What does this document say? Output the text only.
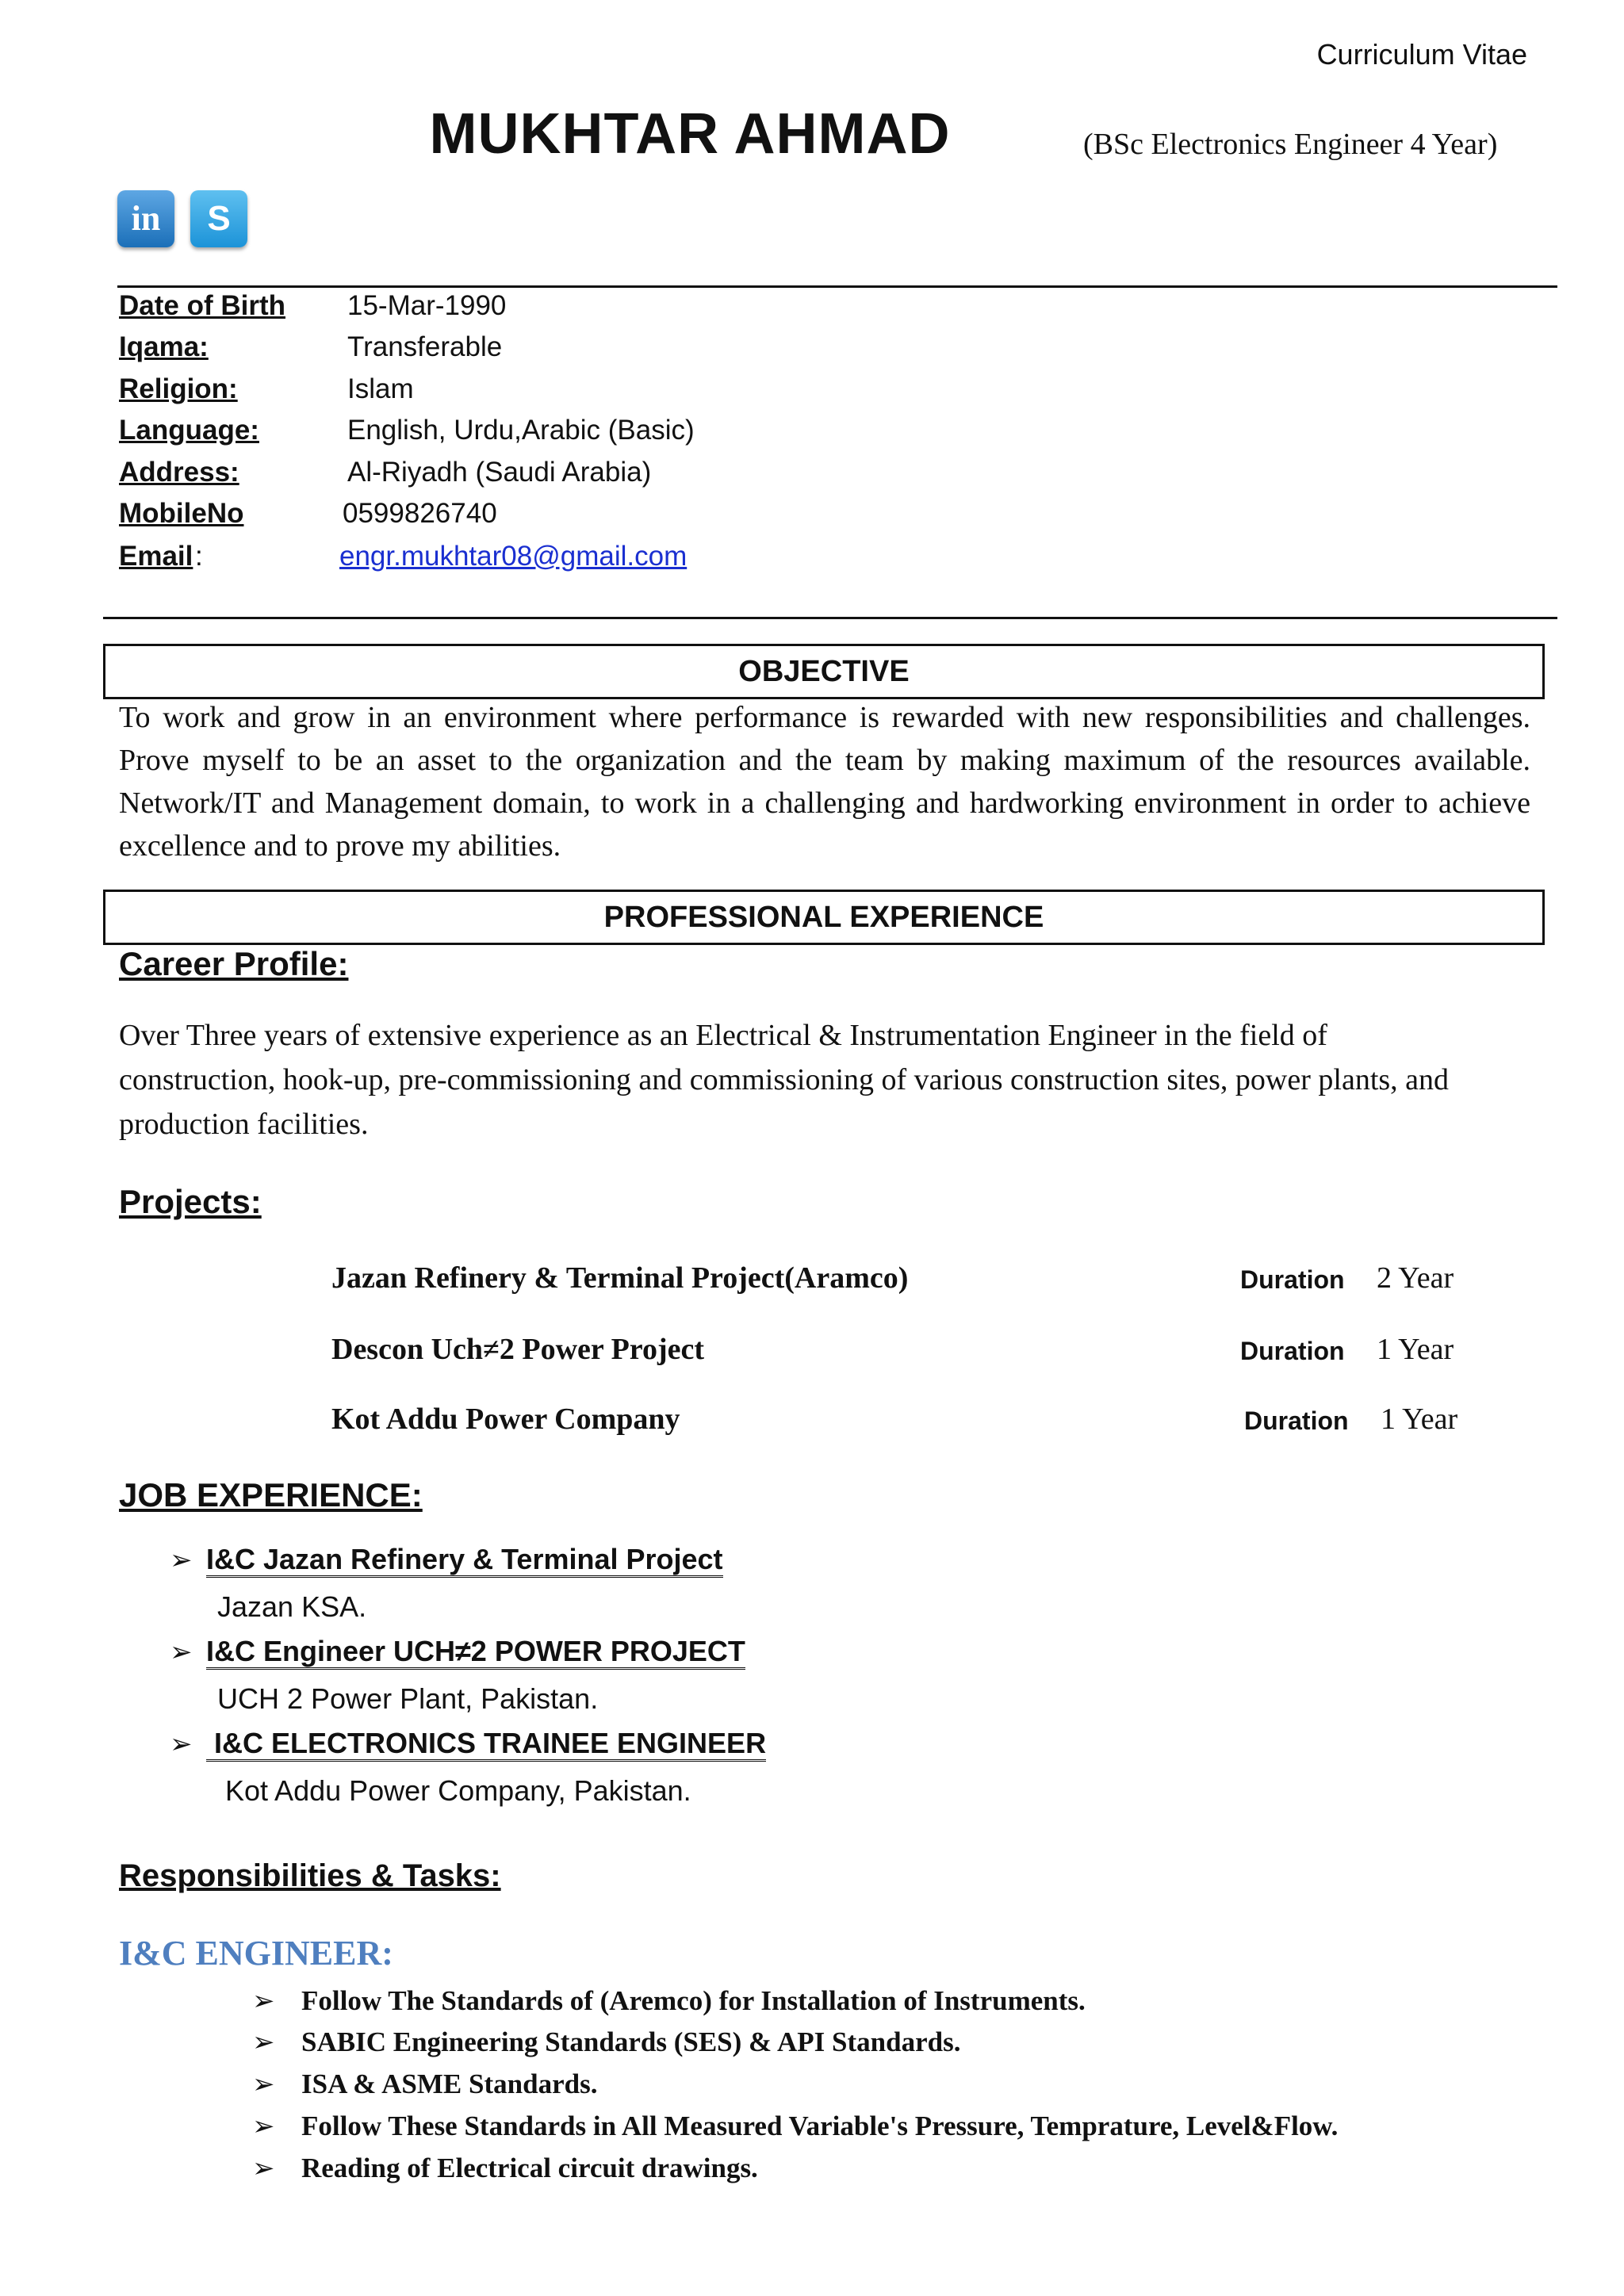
Curriculum Vitae
MUKHTAR AHMAD	(BSc Electronics Engineer 4 Year)
in	S
Date of Birth 15-Mar-1990
Iqama:	Transferable
Religion:	Islam
Language:	English, Urdu,Arabic (Basic)
Address:	Al-Riyadh (Saudi Arabia)
MobileNo	0599826740
Email :	engr.mukhtar08@gmail.com
OBJECTIVE
To work and grow in an environment where performance is rewarded with new responsibilities and challenges. Prove myself to be an asset to the organization and the team by making maximum of the resources available. Network/IT and Management domain, to work in a challenging and hardworking environment in order to achieve excellence and to prove my abilities.
PROFESSIONAL EXPERIENCE
Career Profile:
Over Three years of extensive experience as an Electrical & Instrumentation Engineer in the field of construction, hook-up, pre-commissioning and commissioning of various construction sites, power plants, and production facilities.
Projects:
Jazan Refinery & Terminal Project(Aramco)	Duration 2 Year
Descon Uch≠2 Power Project	Duration 1 Year
Kot Addu Power Company	Duration 1 Year
JOB EXPERIENCE:
➢ I&C Jazan Refinery & Terminal Project
Jazan KSA.
➢ I&C Engineer UCH≠2 POWER PROJECT
UCH 2 Power Plant, Pakistan.
➢ I&C ELECTRONICS TRAINEE ENGINEER
Kot Addu Power Company, Pakistan.
Responsibilities & Tasks:
I&C ENGINEER:
➢ Follow The Standards of (Aremco) for Installation of Instruments.
➢ SABIC Engineering Standards (SES) & API Standards.
➢ ISA & ASME Standards.
➢ Follow These Standards in All Measured Variable's Pressure, Temprature, Level&Flow.
➢ Reading of Electrical circuit drawings.
